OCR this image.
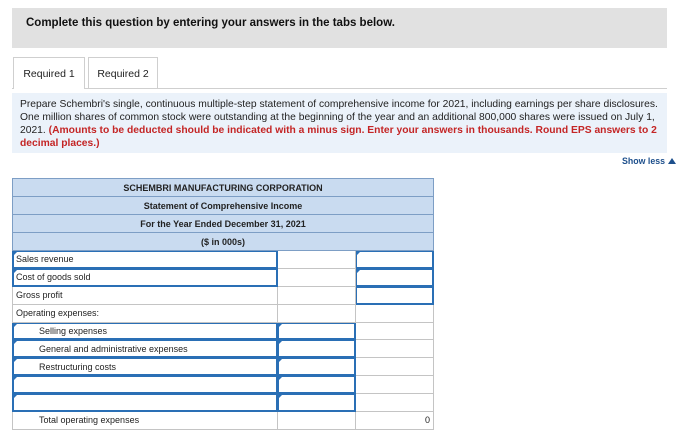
Complete this question by entering your answers in the tabs below.
Required 1	Required 2
Prepare Schembri's single, continuous multiple-step statement of comprehensive income for 2021, including earnings per share disclosures. One million shares of common stock were outstanding at the beginning of the year and an additional 800,000 shares were issued on July 1, 2021. (Amounts to be deducted should be indicated with a minus sign. Enter your answers in thousands. Round EPS answers to 2 decimal places.)
Show less
SCHEMBRI MANUFACTURING CORPORATION		
Statement of Comprehensive Income		
For the Year Ended December 31, 2021		
($ in 000s)		
Sales revenue		
Cost of goods sold		
Gross profit		
Operating expenses:		
Selling expenses		
General and administrative expenses		
Restructuring costs		

Total operating expenses		0
